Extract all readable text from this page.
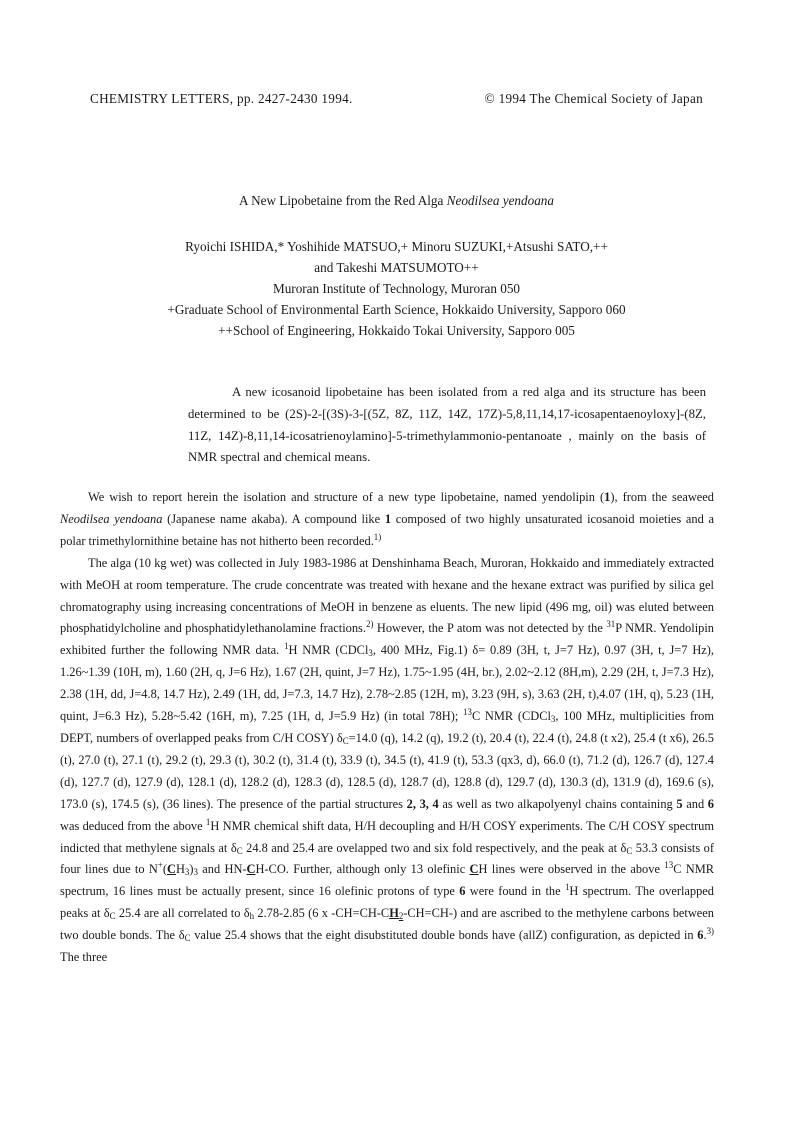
CHEMISTRY LETTERS, pp. 2427-2430 1994.	© 1994 The Chemical Society of Japan
A New Lipobetaine from the Red Alga Neodilsea yendoana
Ryoichi ISHIDA,* Yoshihide MATSUO,+ Minoru SUZUKI,+Atsushi SATO,++
and Takeshi MATSUMOTO++
Muroran Institute of Technology, Muroran 050
+Graduate School of Environmental Earth Science, Hokkaido University, Sapporo 060
++School of Engineering, Hokkaido Tokai University, Sapporo 005

A new icosanoid lipobetaine has been isolated from a red alga and its structure has been determined to be (2S)-2-[(3S)-3-[(5Z, 8Z, 11Z, 14Z, 17Z)-5,8,11,14,17-icosapentaenoyloxy]-(8Z, 11Z, 14Z)-8,11,14-icosatrienoylamino]-5-trimethylammonio-pentanoate , mainly on the basis of NMR spectral and chemical means.

We wish to report herein the isolation and structure of a new type lipobetaine, named yendolipin (1), from the seaweed Neodilsea yendoana (Japanese name akaba). A compound like 1 composed of two highly unsaturated icosanoid moieties and a polar trimethylornithine betaine has not hitherto been recorded.$^{1)}$

The alga (10 kg wet) was collected in July 1983-1986 at Denshinhama Beach, Muroran, Hokkaido and immediately extracted with MeOH at room temperature. The crude concentrate was treated with hexane and the hexane extract was purified by silica gel chromatography using increasing concentrations of MeOH in benzene as eluents. The new lipid (496 mg, oil) was eluted between phosphatidylcholine and phosphatidylethanolamine fractions.$^{2)}$ However, the P atom was not detected by the $^{31}$P NMR. Yendolipin exhibited further the following NMR data. $^1$H NMR (CDCl$_3$, 400 MHz, Fig.1) δ= 0.89 (3H, t, J=7 Hz), 0.97 (3H, t, J=7 Hz), 1.26~1.39 (10H, m), 1.60 (2H, q, J=6 Hz), 1.67 (2H, quint, J=7 Hz), 1.75~1.95 (4H, br.), 2.02~2.12 (8H,m), 2.29 (2H, t, J=7.3 Hz), 2.38 (1H, dd, J=4.8, 14.7 Hz), 2.49 (1H, dd, J=7.3, 14.7 Hz), 2.78~2.85 (12H, m), 3.23 (9H, s), 3.63 (2H, t),4.07 (1H, q), 5.23 (1H, quint, J=6.3 Hz), 5.28~5.42 (16H, m), 7.25 (1H, d, J=5.9 Hz) (in total 78H); $^{13}$C NMR (CDCl$_3$, 100 MHz, multiplicities from DEPT, numbers of overlapped peaks from C/H COSY) $\delta_C=14.0$ (q), 14.2 (q), 19.2 (t), 20.4 (t), 22.4 (t), 24.8 (t x2), 25.4 (t x6), 26.5 (t), 27.0 (t), 27.1 (t), 29.2 (t), 29.3 (t), 30.2 (t), 31.4 (t), 33.9 (t), 34.5 (t), 41.9 (t), 53.3 (qx3, d), 66.0 (t), 71.2 (d), 126.7 (d), 127.4 (d), 127.7 (d), 127.9 (d), 128.1 (d), 128.2 (d), 128.3 (d), 128.5 (d), 128.7 (d), 128.8 (d), 129.7 (d), 130.3 (d), 131.9 (d), 169.6 (s), 173.0 (s), 174.5 (s), (36 lines). The presence of the partial structures 2, 3, 4 as well as two alkapolyenyl chains containing 5 and 6 was deduced from the above $^1$H NMR chemical shift data, H/H decoupling and H/H COSY experiments. The C/H COSY spectrum indicted that methylene signals at $\delta_C$ 24.8 and 25.4 are ovelapped two and six fold respectively, and the peak at $\delta_C$ 53.3 consists of four lines due to $N^+(CH_3)_3$ and HN-CH-CO. Further, although only 13 olefinic CH lines were observed in the above $^{13}$C NMR spectrum, 16 lines must be actually present, since 16 olefinic protons of type 6 were found in the $^1$H spectrum. The overlapped peaks at $\delta_C$ 25.4 are all correlated to $\delta_h$ 2.78-2.85 (6 x $-CH=CH-CH_2-CH=CH-$) and are ascribed to the methylene carbons between two double bonds. The $\delta_C$ value 25.4 shows that the eight disubstituted double bonds have (allZ) configuration, as depicted in 6.$^{3)}$ The three
